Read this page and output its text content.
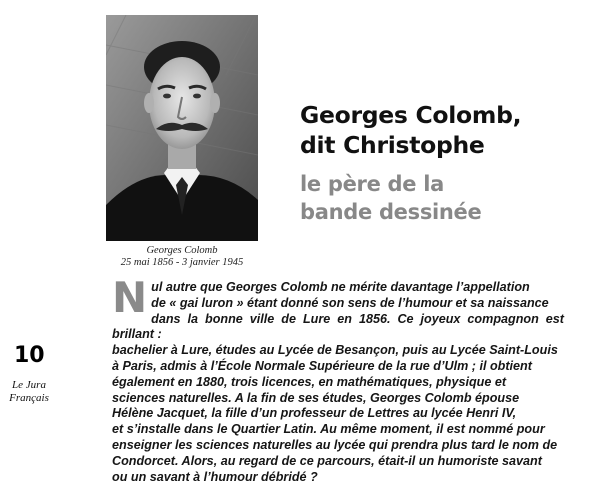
Georges Colomb
25 mai 1856 - 3 janvier 1945
Georges Colomb,
dit Christophe
le père de la
bande dessinée
10
Le Jura
Français
N ul autre que Georges Colomb ne mérite davantage l’appellation
de « gai luron » étant donné son sens de l’humour et sa naissance
dans la bonne ville de Lure en 1856. Ce joyeux compagnon est brillant :
bachelier à Lure, études au Lycée de Besançon, puis au Lycée Saint-Louis
à Paris, admis à l’École Normale Supérieure de la rue d’Ulm ; il obtient
également en 1880, trois licences, en mathématiques, physique et
sciences naturelles. A la fin de ses études, Georges Colomb épouse
Hélène Jacquet, la fille d’un professeur de Lettres au lycée Henri IV,
et s’installe dans le Quartier Latin. Au même moment, il est nommé pour
enseigner les sciences naturelles au lycée qui prendra plus tard le nom de
Condorcet. Alors, au regard de ce parcours, était-il un humoriste savant
ou un savant à l’humour débridé ?
